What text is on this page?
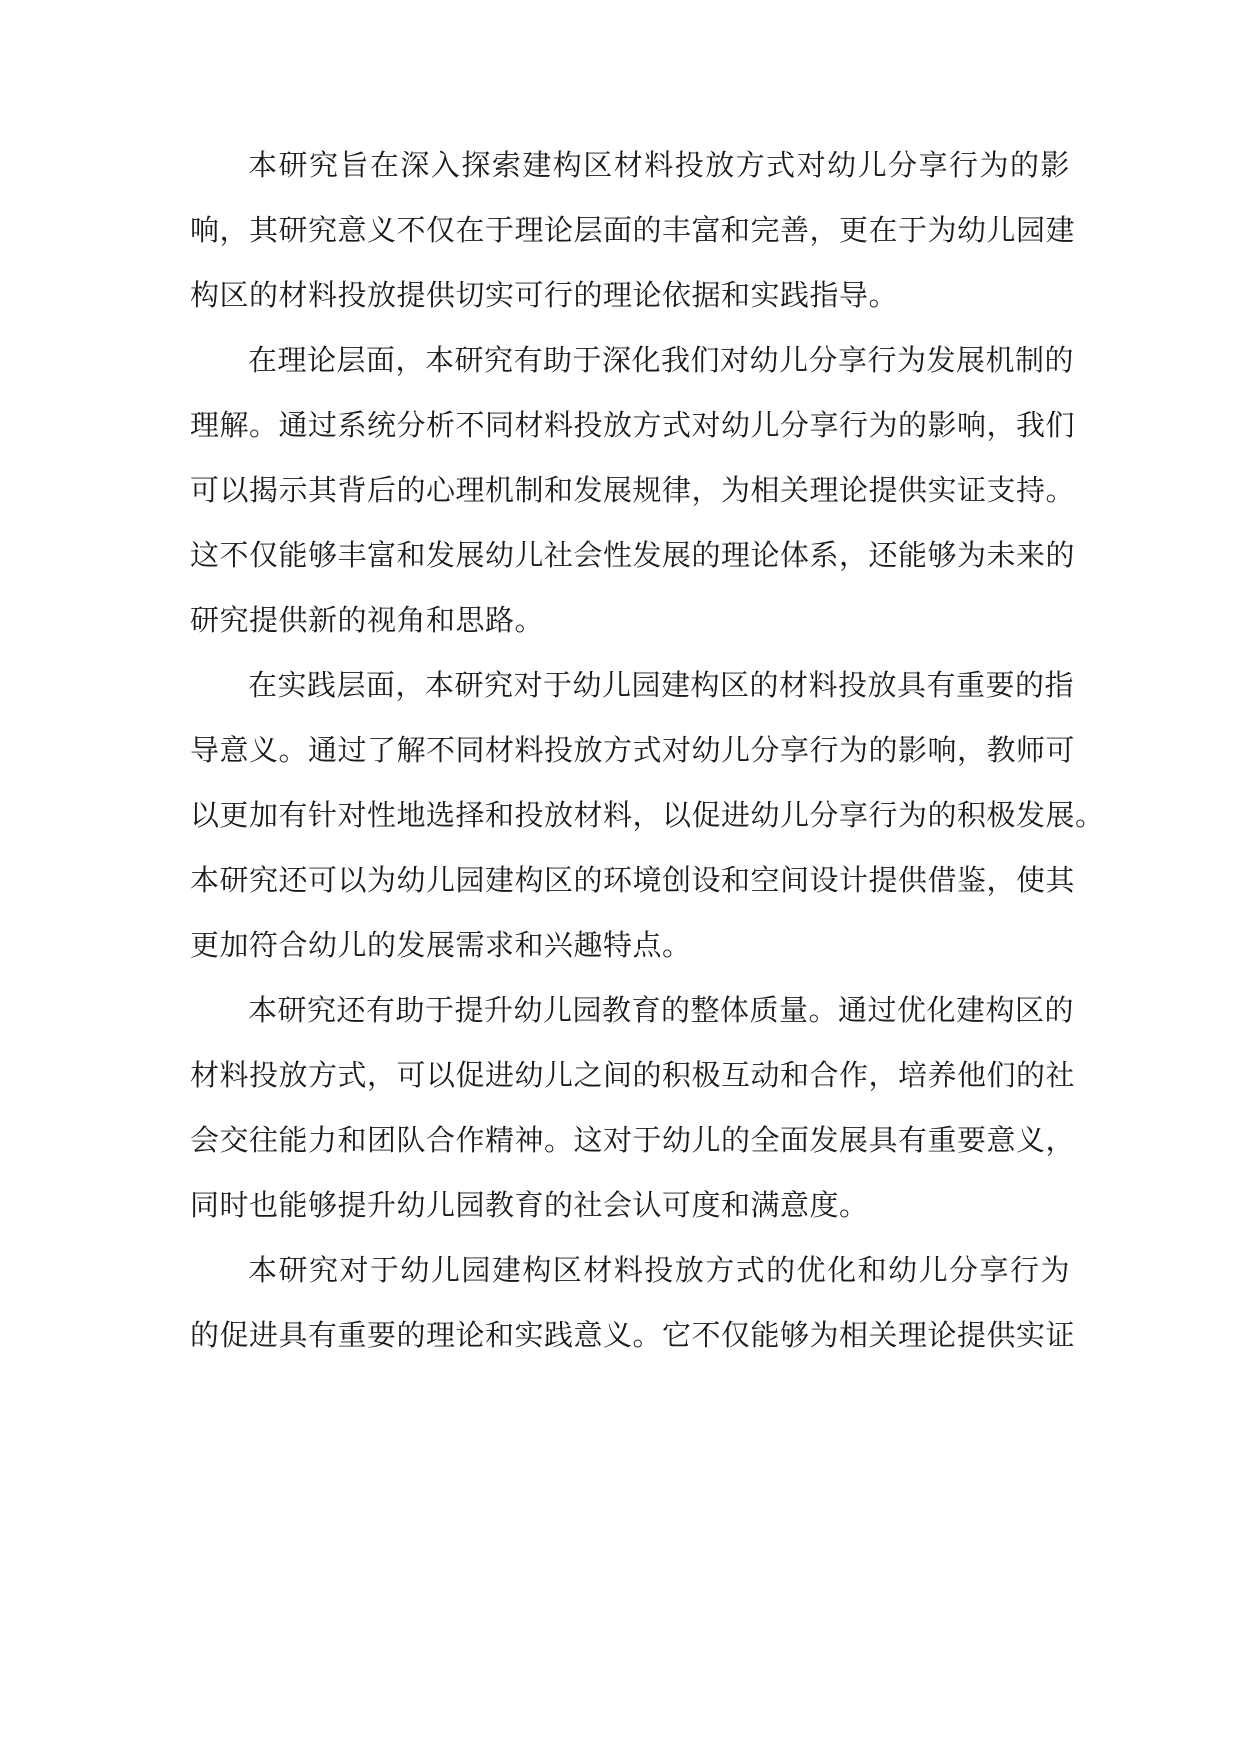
本研究旨在深入探索建构区材料投放方式对幼儿分享行为的影
响，其研究意义不仅在于理论层面的丰富和完善，更在于为幼儿园建
构区的材料投放提供切实可行的理论依据和实践指导。

在理论层面，本研究有助于深化我们对幼儿分享行为发展机制的
理解。通过系统分析不同材料投放方式对幼儿分享行为的影响，我们
可以揭示其背后的心理机制和发展规律，为相关理论提供实证支持。
这不仅能够丰富和发展幼儿社会性发展的理论体系，还能够为未来的
研究提供新的视角和思路。

在实践层面，本研究对于幼儿园建构区的材料投放具有重要的指
导意义。通过了解不同材料投放方式对幼儿分享行为的影响，教师可
以更加有针对性地选择和投放材料，以促进幼儿分享行为的积极发展。
本研究还可以为幼儿园建构区的环境创设和空间设计提供借鉴，使其
更加符合幼儿的发展需求和兴趣特点。

本研究还有助于提升幼儿园教育的整体质量。通过优化建构区的
材料投放方式，可以促进幼儿之间的积极互动和合作，培养他们的社
会交往能力和团队合作精神。这对于幼儿的全面发展具有重要意义，
同时也能够提升幼儿园教育的社会认可度和满意度。

本研究对于幼儿园建构区材料投放方式的优化和幼儿分享行为
的促进具有重要的理论和实践意义。它不仅能够为相关理论提供实证
